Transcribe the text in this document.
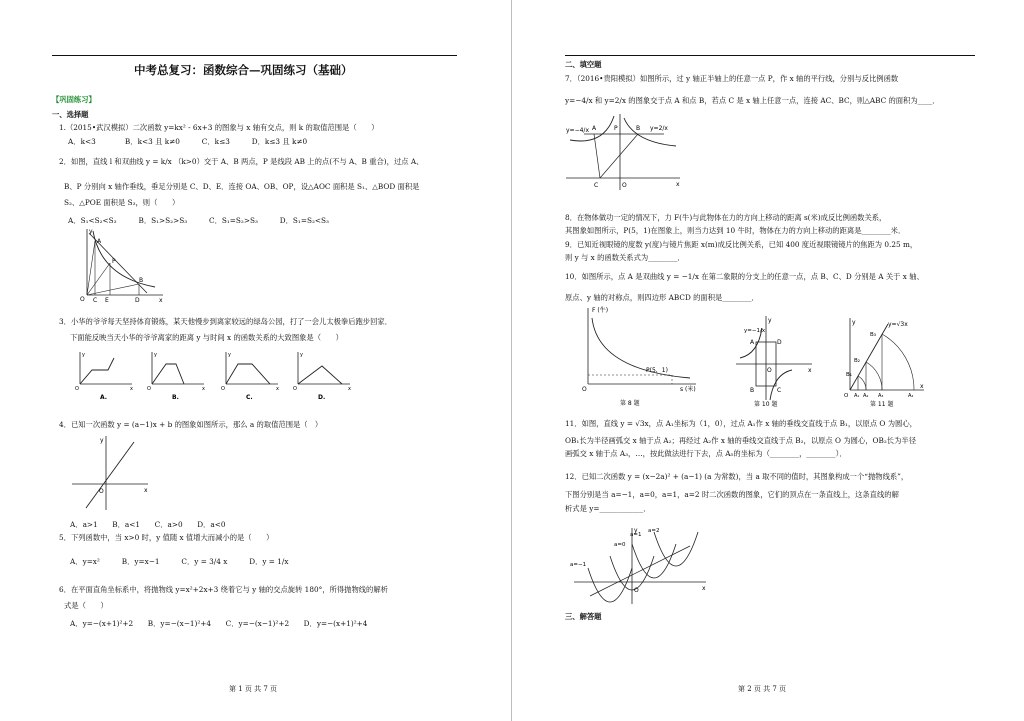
中考总复习：函数综合—巩固练习（基础）
【巩固练习】
一、选择题
1.（2015•武汉模拟）二次函数 y=kx² - 6x+3 的图象与 x 轴有交点，则 k 的取值范围是（　　）
A．k<3　　　　B．k<3 且 k≠0　　　C．k≤3　　　D．k≤3 且 k≠0
2．如图，直线 l 和双曲线 y = k/x （k>0）交于 A、B 两点，P 是线段 AB 上的点(不与 A、B 重合)，过点 A、
B、P 分别向 x 轴作垂线，垂足分别是 C、D、E．连接 OA、OB、OP，设△AOC 面积是 S₁、△BOD 面积是
S₂、△POE 面积是 S₃，则（　　）
A．S₁<S₂<S₃　　　B．S₁>S₂>S₃　　　C．S₁=S₂>S₃　　　D．S₁=S₂<S₃
y
A
P
B
O C E	D	x
3．小华的爷爷每天坚持体育锻炼，某天他慢步到离家较远的绿岛公园，打了一会儿太极拳后跑步回家．
下面能反映当天小华的爷爷离家的距离 y 与时间 x 的函数关系的大致图象是（　　）
y
O	x
A.
y
O	x
B.
y
O	x
C.
y
O	x
D.
4．已知一次函数 y = (a−1)x + b 的图象如图所示，那么 a 的取值范围是（　）
y
O	x
A．a>1　　B．a<1　　C．a>0　　D．a<0
5．下列函数中，当 x>0 时，y 值随 x 值增大而减小的是（　　）
A．y=x²　　　B．y=x−1　　　C．y = 3/4 x　　　D．y = 1/x
6．在平面直角坐标系中，将抛物线 y=x²+2x+3 绕着它与 y 轴的交点旋转 180°，所得抛物线的解析
式是（　　）
A．y=−(x+1)²+2　　B．y=−(x−1)²+4　　C．y=−(x−1)²+2　　D．y=−(x+1)²+4
第 1 页 共 7 页
二、填空题
7．（2016•贵阳模拟）如图所示，过 y 轴正半轴上的任意一点 P，作 x 轴的平行线，分别与反比例函数
y=−4/x 和 y=2/x 的图象交于点 A 和点 B，若点 C 是 x 轴上任意一点，连接 AC、BC，则△ABC 的面积为____．
y=−4/x A	P	B y=2/x
C	O	x
8．在物体做功一定的情况下，力 F(牛)与此物体在力的方向上移动的距离 s(米)成反比例函数关系，
其图象如图所示，P(5，1)在图象上，则当力达到 10 牛时，物体在力的方向上移动的距离是________米．
9．已知近视眼镜的度数 y(度)与镜片焦距 x(m)成反比例关系，已知 400 度近视眼镜镜片的焦距为 0.25 m，
则 y 与 x 的函数关系式为________．
10．如图所示，点 A 是双曲线 y = −1/x 在第二象限的分支上的任意一点，点 B、C、D 分别是 A 关于 x 轴、
原点、y 轴的对称点，则四边形 ABCD 的面积是________．
F (牛)
P(5，1)
O	s (米)
第 8 题
y=−1/x
y
A	D
O
B	C
x
第 10 题
y	y=√3x
B₃
B₂
B₁
O A₁ A₂ A₃	A₄
x
第 11 题
11．如图，直线 y = √3x，点 A₁坐标为（1，0），过点 A₁作 x 轴的垂线交直线于点 B₁，以原点 O 为圆心，
OB₁长为半径画弧交 x 轴于点 A₂；再经过 A₂作 x 轴的垂线交直线于点 B₂，以原点 O 为圆心，OB₂长为半径
画弧交 x 轴于点 A₃，…，按此做法进行下去，点 A₅的坐标为（________，________）．
12．已知二次函数 y = (x−2a)² + (a−1) (a 为常数)，当 a 取不同的值时，其图象构成一个“抛物线系”，
下图分别是当 a=−1，a=0，a=1，a=2 时二次函数的图象，它们的顶点在一条直线上，这条直线的解
析式是 y=____________．
a=0
a=1
a=2
a=−1
y
O	x
三、解答题
第 2 页 共 7 页
